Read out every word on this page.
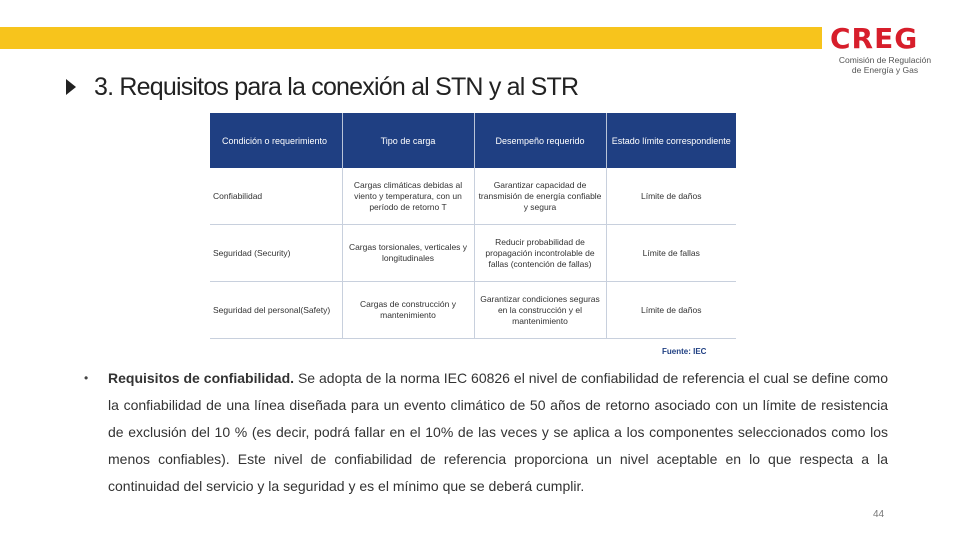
CREG
Comisión de Regulación
de Energía y Gas
3. Requisitos para la conexión al STN y al STR
Condición o requerimiento	Tipo de carga	Desempeño requerido	Estado límite correspondiente
Confiabilidad	Cargas climáticas debidas al viento y temperatura, con un período de retorno T	Garantizar capacidad de transmisión de energía confiable y segura	Límite de daños
Seguridad (Security)	Cargas torsionales, verticales y longitudinales	Reducir probabilidad de propagación incontrolable de fallas (contención de fallas)	Límite de fallas
Seguridad del personal(Safety)	Cargas de construcción y mantenimiento	Garantizar condiciones seguras en la construcción y el mantenimiento	Límite de daños
Fuente: IEC
• Requisitos de confiabilidad. Se adopta de la norma IEC 60826 el nivel de confiabilidad de referencia el cual se define como la confiabilidad de una línea diseñada para un evento climático de 50 años de retorno asociado con un límite de resistencia de exclusión del 10 % (es decir, podrá fallar en el 10% de las veces y se aplica a los componentes seleccionados como los menos confiables). Este nivel de confiabilidad de referencia proporciona un nivel aceptable en lo que respecta a la continuidad del servicio y la seguridad y es el mínimo que se deberá cumplir.

44
